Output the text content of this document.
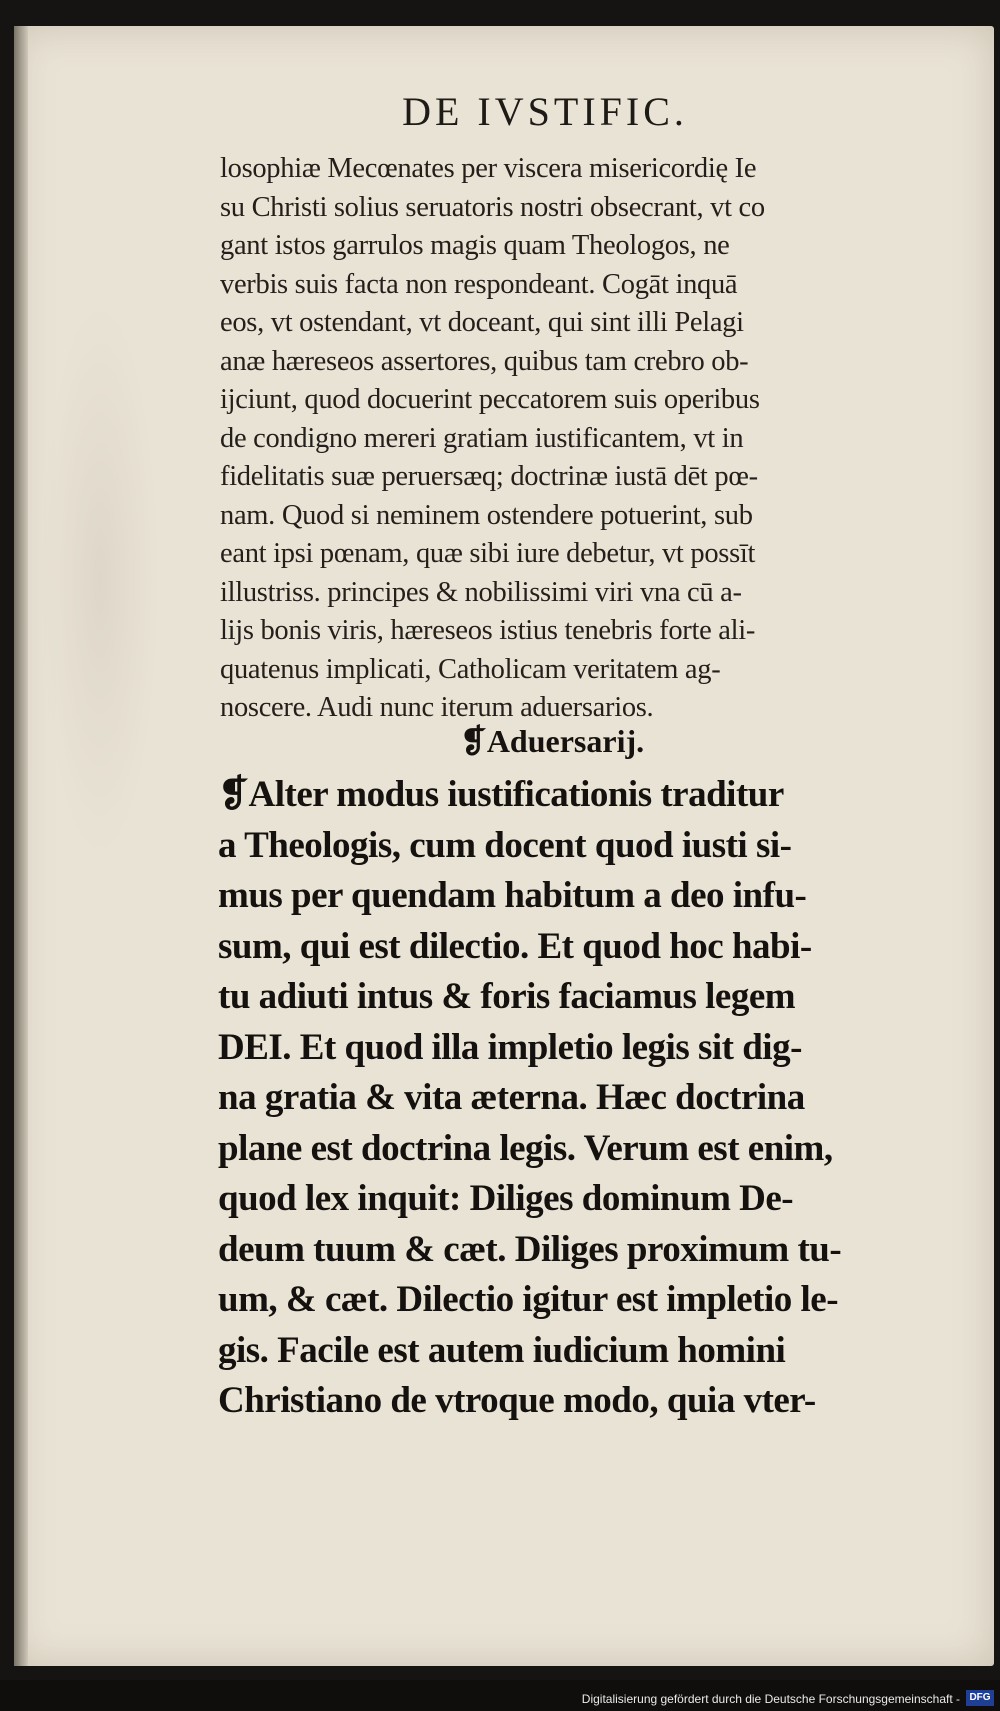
DE IVSTIFIC.
losophiæ Mecœnates per viscera misericordię Ie
su Christi solius seruatoris nostri obsecrant, vt co
gant istos garrulos magis quam Theologos, ne
verbis suis facta non respondeant. Cogāt inquā
eos, vt ostendant, vt doceant, qui sint illi Pelagi
anæ hæreseos assertores, quibus tam crebro ob-
ijciunt, quod docuerint peccatorem suis operibus
de condigno mereri gratiam iustificantem, vt in
fidelitatis suæ peruersæq; doctrinæ iustā dēt pœ-
nam. Quod si neminem ostendere potuerint, sub
eant ipsi pœnam, quæ sibi iure debetur, vt possīt
illustriss. principes & nobilissimi viri vna cū a-
lijs bonis viris, hæreseos istius tenebris forte ali-
quatenus implicati, Catholicam veritatem ag-
noscere. Audi nunc iterum aduersarios.
❡Aduersarij.
❡Alter modus iustificationis traditur
a Theologis, cum docent quod iusti si-
mus per quendam habitum a deo infu-
sum, qui est dilectio. Et quod hoc habi-
tu adiuti intus & foris faciamus legem
DEI. Et quod illa impletio legis sit dig-
na gratia & vita æterna. Hæc doctrina
plane est doctrina legis. Verum est enim,
quod lex inquit: Diliges dominum De-
deum tuum & cæt. Diliges proximum tu-
um, & cæt. Dilectio igitur est impletio le-
gis. Facile est autem iudicium homini
Christiano de vtroque modo, quia vter-
Digitalisierung gefördert durch die Deutsche Forschungsgemeinschaft - DFG
